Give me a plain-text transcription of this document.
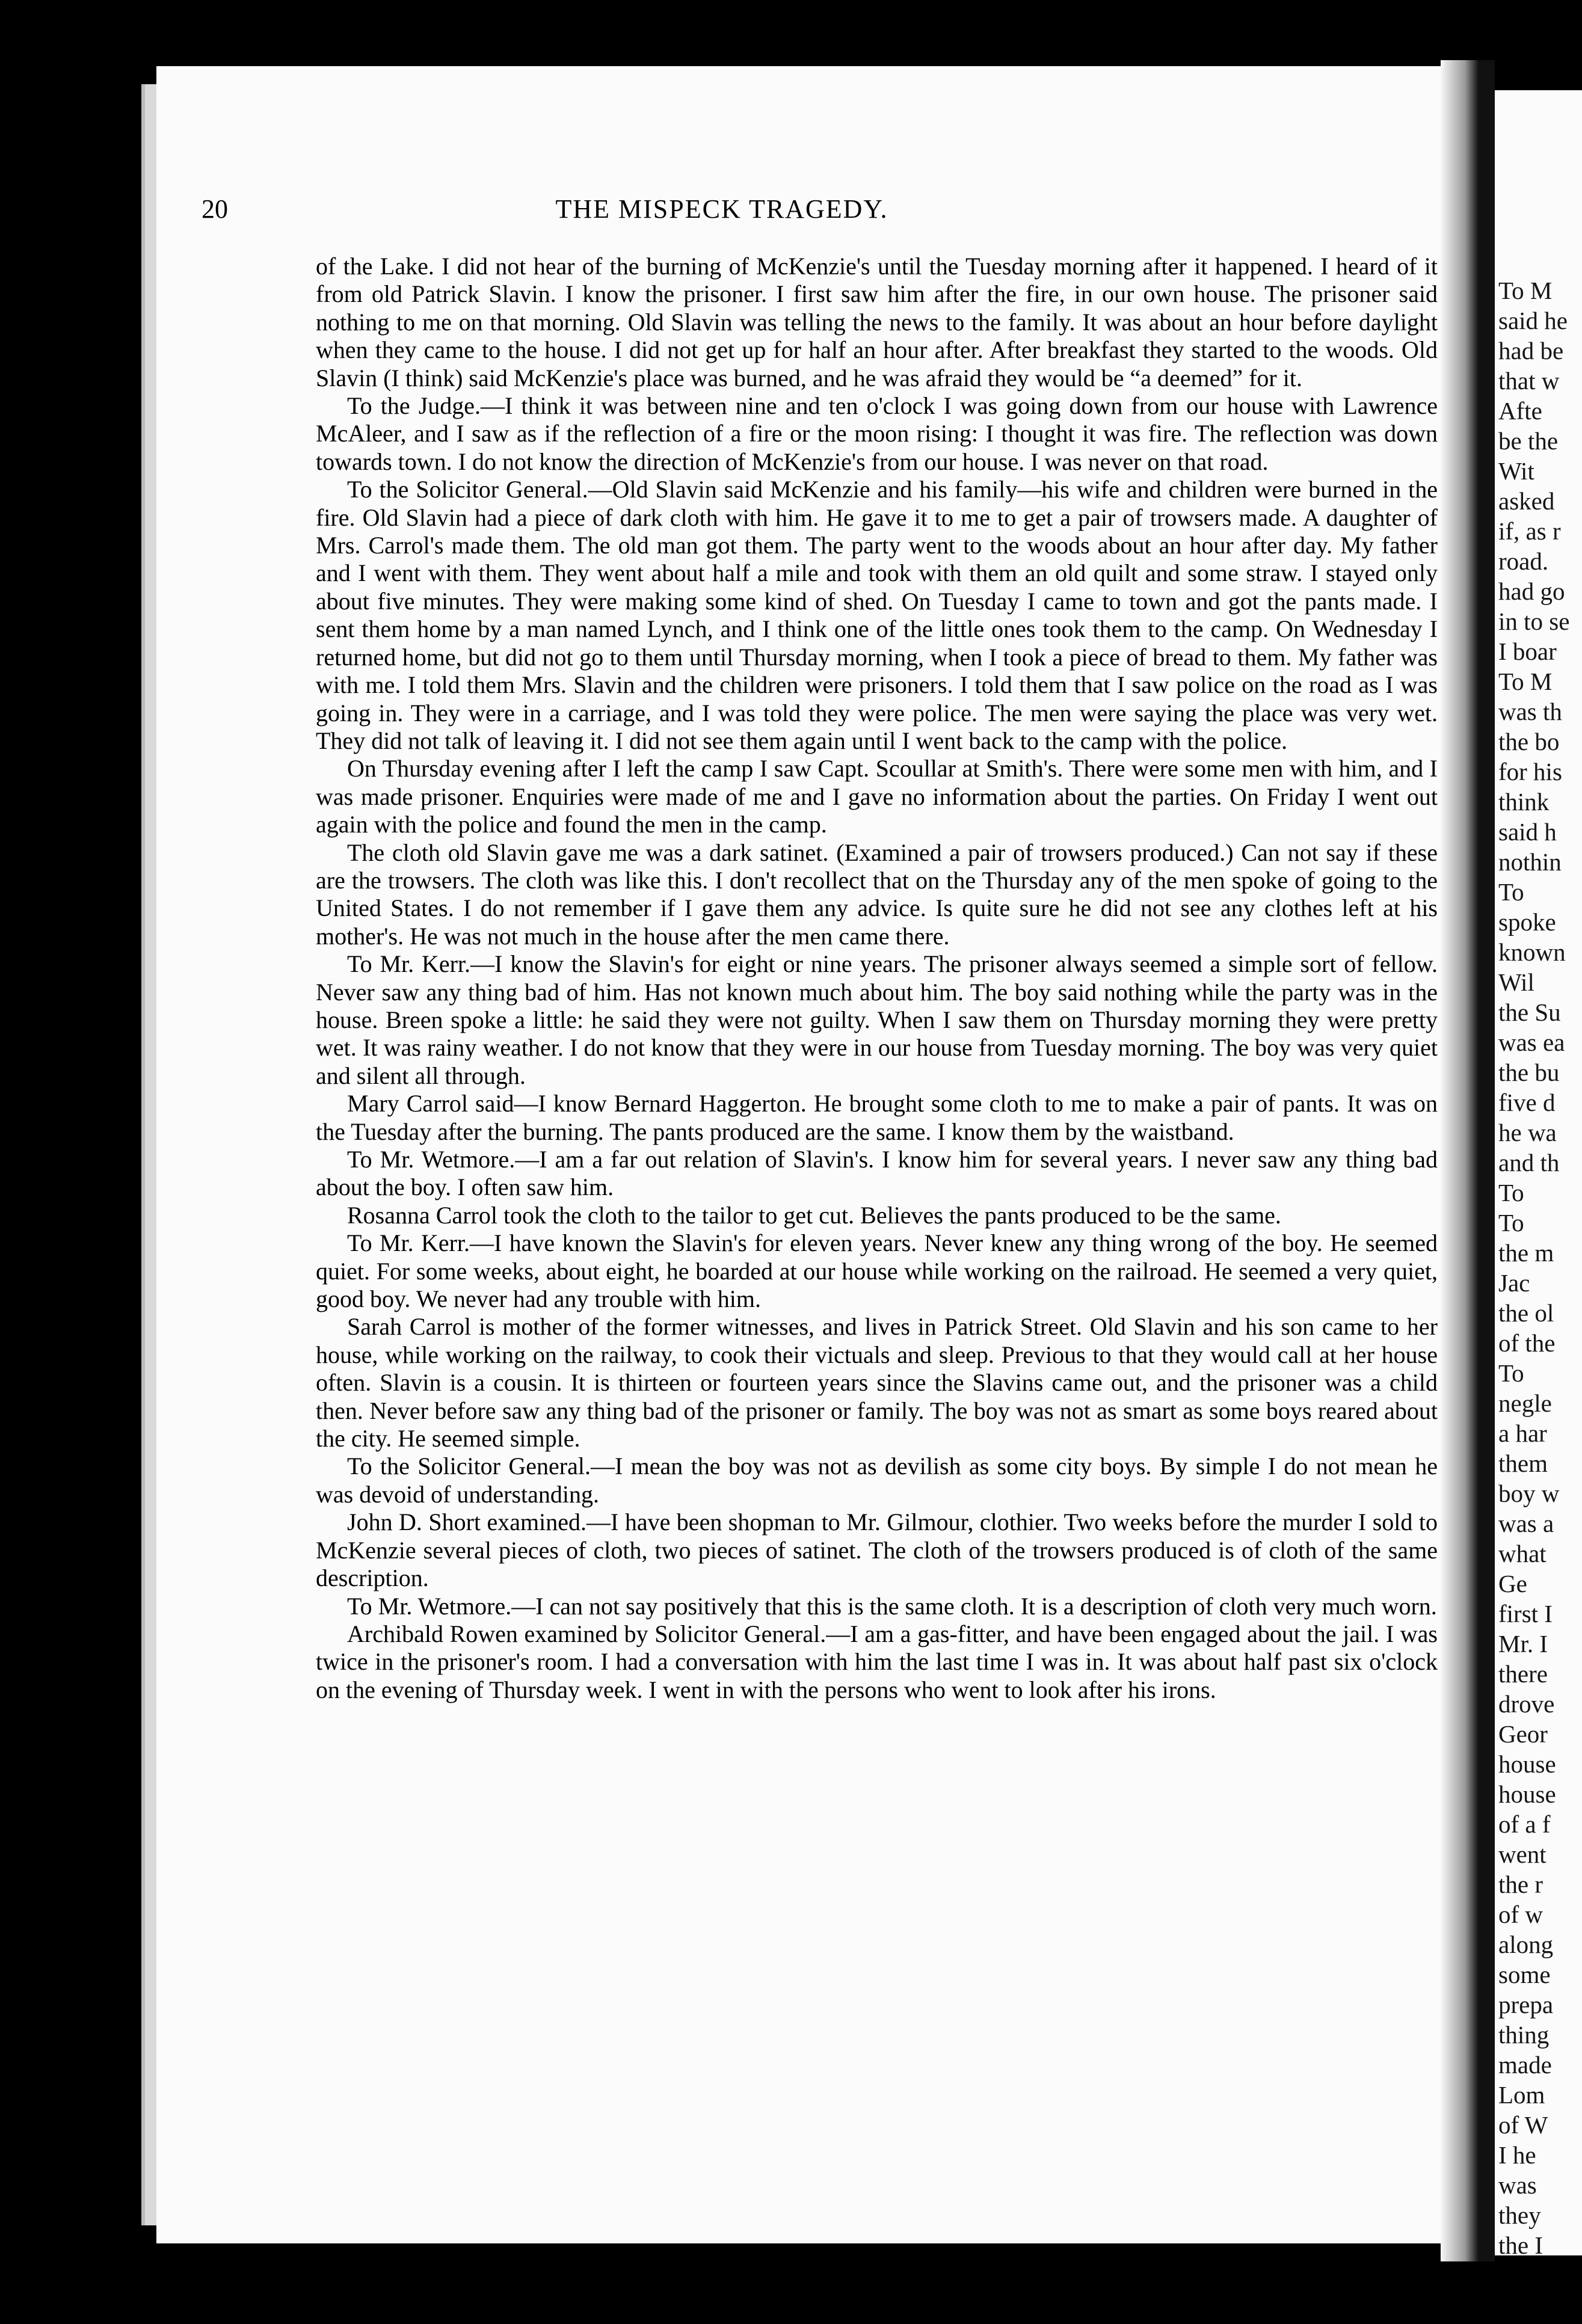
20	THE MISPECK TRAGEDY.

of the Lake. I did not hear of the burning of McKenzie's until the Tuesday morning after it happened. I heard of it from old Patrick Slavin. I know the prisoner. I first saw him after the fire, in our own house. The prisoner said nothing to me on that morning. Old Slavin was telling the news to the family. It was about an hour before daylight when they came to the house. I did not get up for half an hour after. After breakfast they started to the woods. Old Slavin (I think) said McKenzie's place was burned, and he was afraid they would be “a deemed” for it.

To the Judge.—I think it was between nine and ten o'clock I was going down from our house with Lawrence McAleer, and I saw as if the reflection of a fire or the moon rising: I thought it was fire. The reflection was down towards town. I do not know the direction of McKenzie's from our house. I was never on that road.

To the Solicitor General.—Old Slavin said McKenzie and his family—his wife and children were burned in the fire. Old Slavin had a piece of dark cloth with him. He gave it to me to get a pair of trowsers made. A daughter of Mrs. Carrol's made them. The old man got them. The party went to the woods about an hour after day. My father and I went with them. They went about half a mile and took with them an old quilt and some straw. I stayed only about five minutes. They were making some kind of shed. On Tuesday I came to town and got the pants made. I sent them home by a man named Lynch, and I think one of the little ones took them to the camp. On Wednesday I returned home, but did not go to them until Thursday morning, when I took a piece of bread to them. My father was with me. I told them Mrs. Slavin and the children were prisoners. I told them that I saw police on the road as I was going in. They were in a carriage, and I was told they were police. The men were saying the place was very wet. They did not talk of leaving it. I did not see them again until I went back to the camp with the police.

On Thursday evening after I left the camp I saw Capt. Scoullar at Smith's. There were some men with him, and I was made prisoner. Enquiries were made of me and I gave no information about the parties. On Friday I went out again with the police and found the men in the camp.

The cloth old Slavin gave me was a dark satinet. (Examined a pair of trowsers produced.) Can not say if these are the trowsers. The cloth was like this. I don't recollect that on the Thursday any of the men spoke of going to the United States. I do not remember if I gave them any advice. Is quite sure he did not see any clothes left at his mother's. He was not much in the house after the men came there.

To Mr. Kerr.—I know the Slavin's for eight or nine years. The prisoner always seemed a simple sort of fellow. Never saw any thing bad of him. Has not known much about him. The boy said nothing while the party was in the house. Breen spoke a little: he said they were not guilty. When I saw them on Thursday morning they were pretty wet. It was rainy weather. I do not know that they were in our house from Tuesday morning. The boy was very quiet and silent all through.

Mary Carrol said—I know Bernard Haggerton. He brought some cloth to me to make a pair of pants. It was on the Tuesday after the burning. The pants produced are the same. I know them by the waistband.

To Mr. Wetmore.—I am a far out relation of Slavin's. I know him for several years. I never saw any thing bad about the boy. I often saw him.

Rosanna Carrol took the cloth to the tailor to get cut. Believes the pants produced to be the same.

To Mr. Kerr.—I have known the Slavin's for eleven years. Never knew any thing wrong of the boy. He seemed quiet. For some weeks, about eight, he boarded at our house while working on the railroad. He seemed a very quiet, good boy. We never had any trouble with him.

Sarah Carrol is mother of the former witnesses, and lives in Patrick Street. Old Slavin and his son came to her house, while working on the railway, to cook their victuals and sleep. Previous to that they would call at her house often. Slavin is a cousin. It is thirteen or fourteen years since the Slavins came out, and the prisoner was a child then. Never before saw any thing bad of the prisoner or family. The boy was not as smart as some boys reared about the city. He seemed simple.

To the Solicitor General.—I mean the boy was not as devilish as some city boys. By simple I do not mean he was devoid of understanding.

John D. Short examined.—I have been shopman to Mr. Gilmour, clothier. Two weeks before the murder I sold to McKenzie several pieces of cloth, two pieces of satinet. The cloth of the trowsers produced is of cloth of the same description.

To Mr. Wetmore.—I can not say positively that this is the same cloth. It is a description of cloth very much worn.

Archibald Rowen examined by Solicitor General.—I am a gas-fitter, and have been engaged about the jail. I was twice in the prisoner's room. I had a conversation with him the last time I was in. It was about half past six o'clock on the evening of Thursday week. I went in with the persons who went to look after his irons.

To M
said he
had be
that w
Afte
be the
Wit
asked
if, as r
road.
had go
in to se
I boar
To M
was th
the bo
for his
think
said h
nothin
To
spoke
known
Wil
the Su
was ea
the bu
five d
he wa
and th
To
To
the m
Jac
the ol
of the
To
negle
a har
them
boy w
was a
what
Ge
first I
Mr. I
there
drove
Geor
house
house
of a f
went
the r
of w
along
some
prepa
thing
made
Lom
of W
I he
was
they
the I
